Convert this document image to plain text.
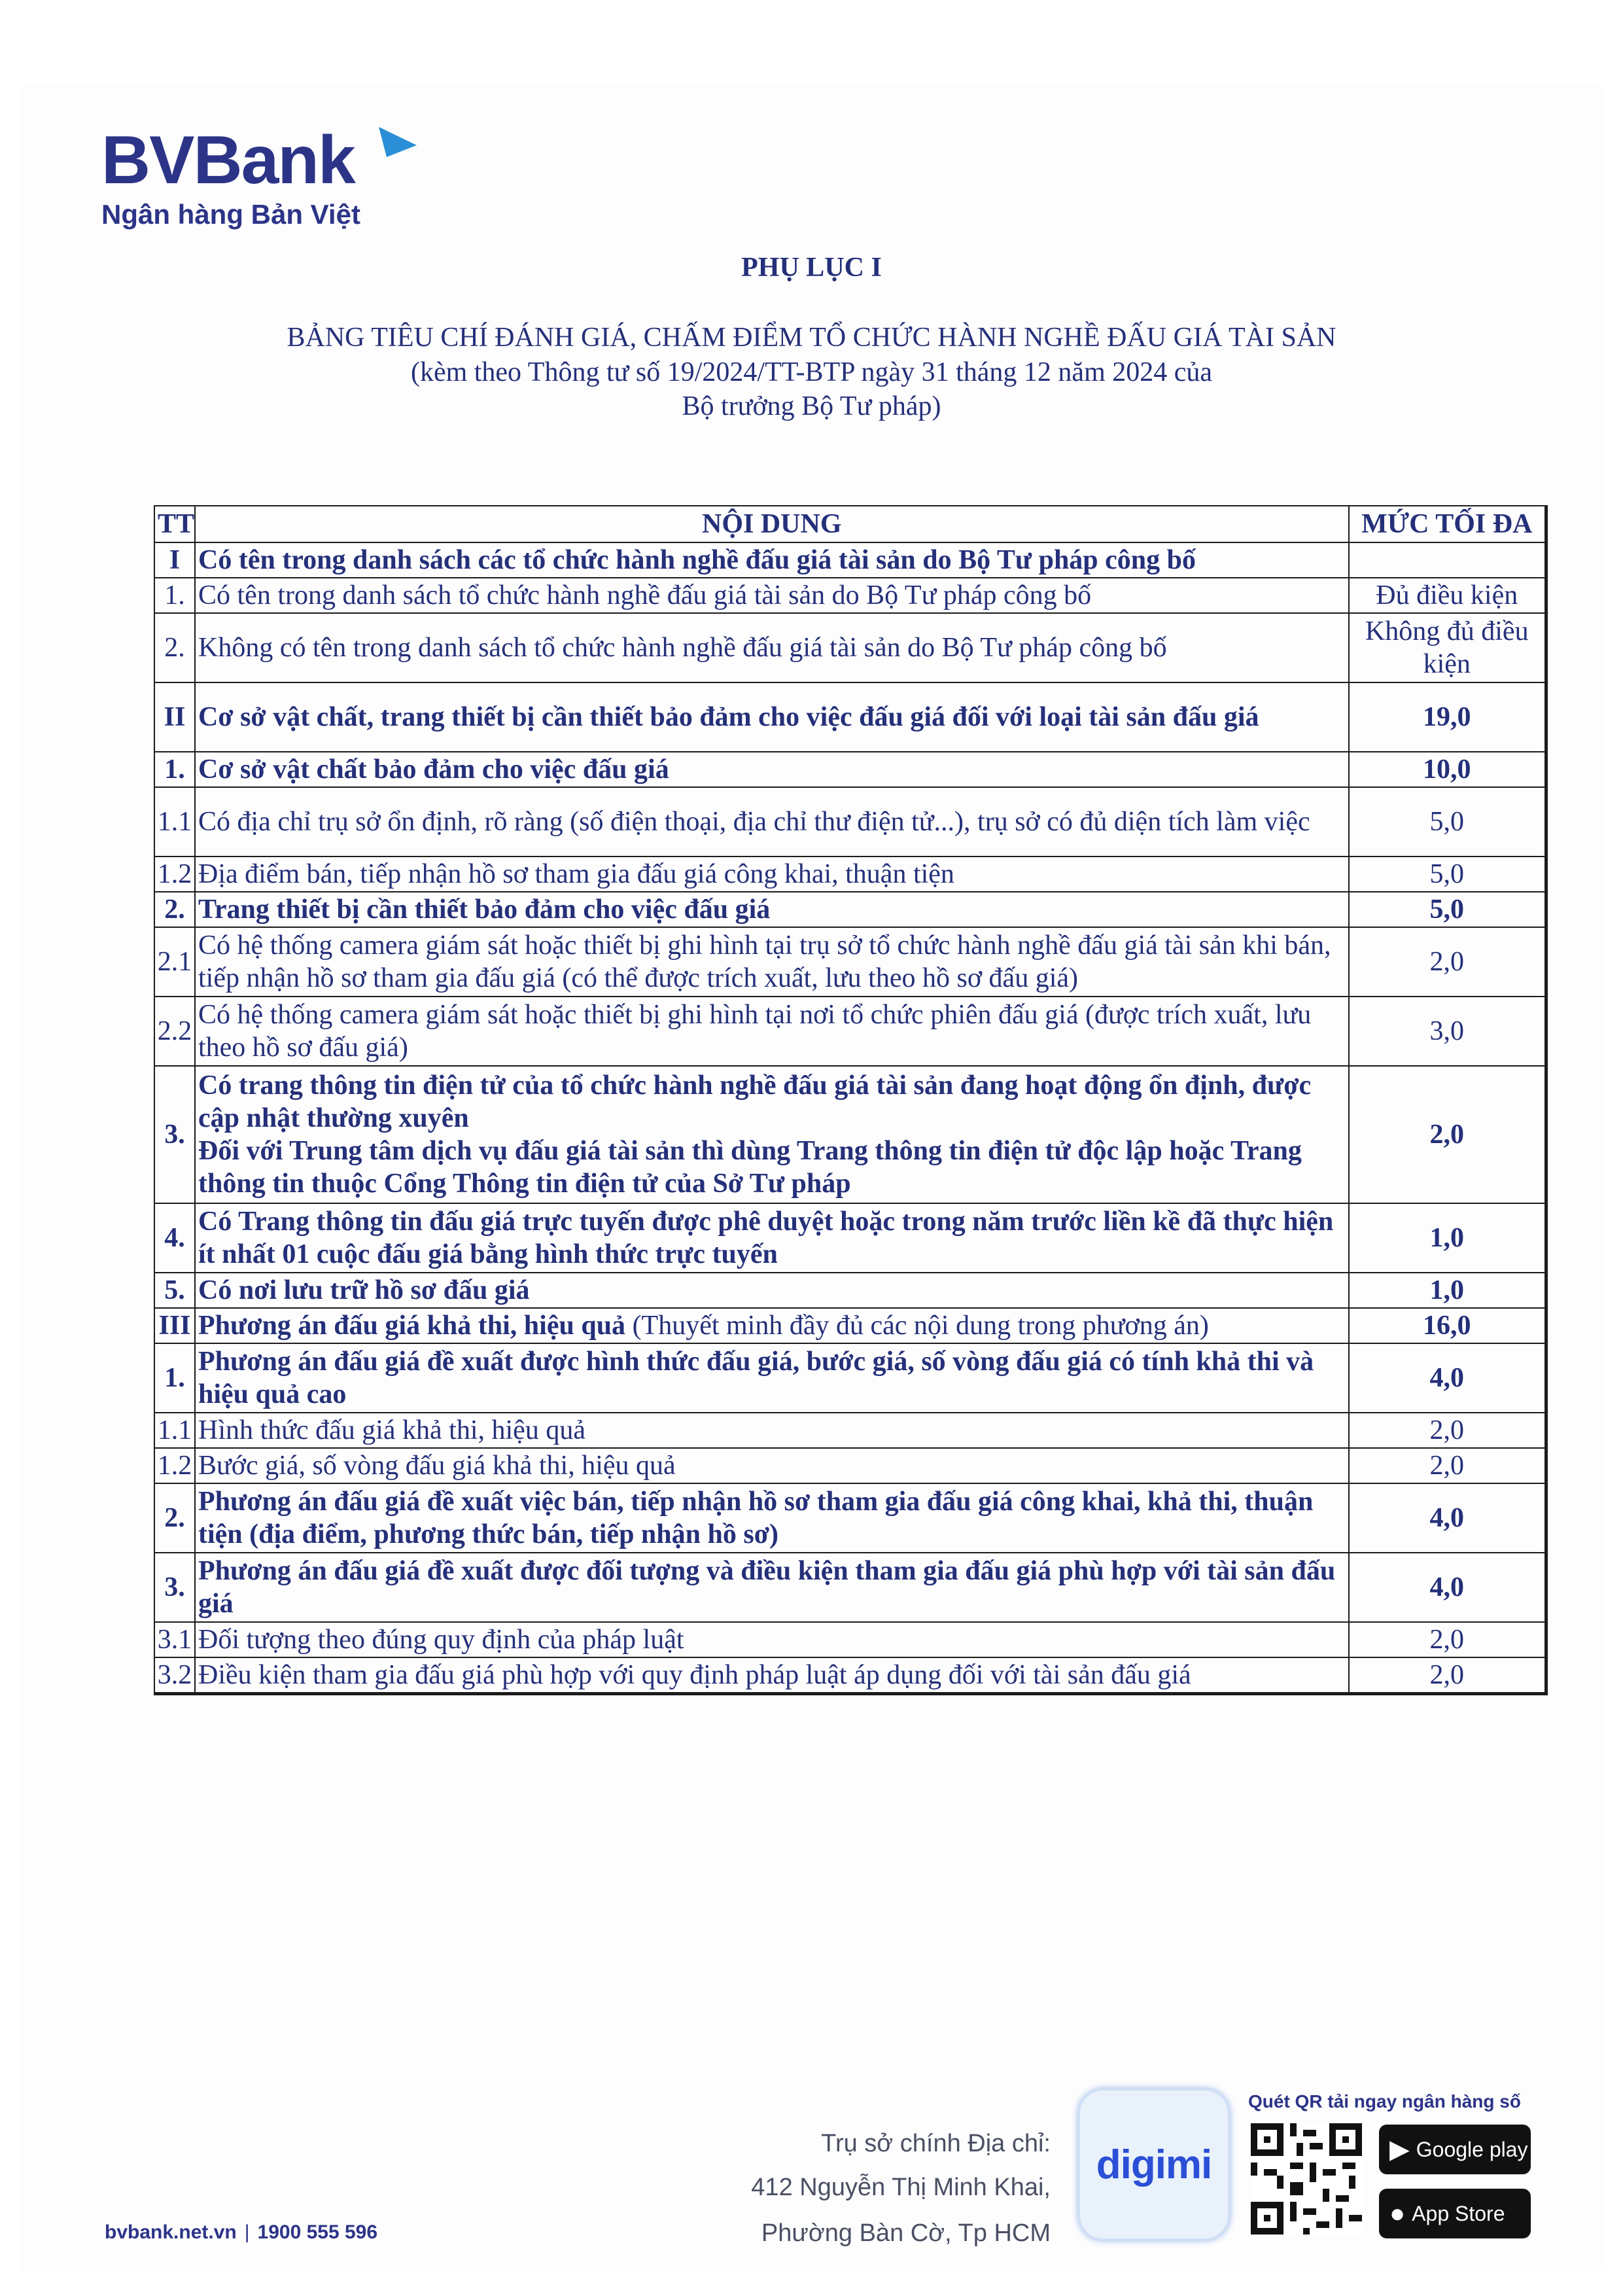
BVBank
Ngân hàng Bản Việt
PHỤ LỤC I
BẢNG TIÊU CHÍ ĐÁNH GIÁ, CHẤM ĐIỂM TỔ CHỨC HÀNH NGHỀ ĐẤU GIÁ TÀI SẢN
(kèm theo Thông tư số 19/2024/TT-BTP ngày 31 tháng 12 năm 2024 của
Bộ trưởng Bộ Tư pháp)
TT	NỘI DUNG	MỨC TỐI ĐA
I	Có tên trong danh sách các tổ chức hành nghề đấu giá tài sản do Bộ Tư pháp công bố	
1.	Có tên trong danh sách tổ chức hành nghề đấu giá tài sản do Bộ Tư pháp công bố	Đủ điều kiện
2.	Không có tên trong danh sách tổ chức hành nghề đấu giá tài sản do Bộ Tư pháp công bố	Không đủ điều kiện
II	Cơ sở vật chất, trang thiết bị cần thiết bảo đảm cho việc đấu giá đối với loại tài sản đấu giá	19,0
1.	Cơ sở vật chất bảo đảm cho việc đấu giá	10,0
1.1	Có địa chỉ trụ sở ổn định, rõ ràng (số điện thoại, địa chỉ thư điện tử...), trụ sở có đủ diện tích làm việc	5,0
1.2	Địa điểm bán, tiếp nhận hồ sơ tham gia đấu giá công khai, thuận tiện	5,0
2.	Trang thiết bị cần thiết bảo đảm cho việc đấu giá	5,0
2.1	Có hệ thống camera giám sát hoặc thiết bị ghi hình tại trụ sở tổ chức hành nghề đấu giá tài sản khi bán, tiếp nhận hồ sơ tham gia đấu giá (có thể được trích xuất, lưu theo hồ sơ đấu giá)	2,0
2.2	Có hệ thống camera giám sát hoặc thiết bị ghi hình tại nơi tổ chức phiên đấu giá (được trích xuất, lưu theo hồ sơ đấu giá)	3,0
3.	Có trang thông tin điện tử của tổ chức hành nghề đấu giá tài sản đang hoạt động ổn định, được cập nhật thường xuyên
Đối với Trung tâm dịch vụ đấu giá tài sản thì dùng Trang thông tin điện tử độc lập hoặc Trang thông tin thuộc Cổng Thông tin điện tử của Sở Tư pháp	2,0
4.	Có Trang thông tin đấu giá trực tuyến được phê duyệt hoặc trong năm trước liền kề đã thực hiện ít nhất 01 cuộc đấu giá bằng hình thức trực tuyến	1,0
5.	Có nơi lưu trữ hồ sơ đấu giá	1,0
III	Phương án đấu giá khả thi, hiệu quả (Thuyết minh đầy đủ các nội dung trong phương án)	16,0
1.	Phương án đấu giá đề xuất được hình thức đấu giá, bước giá, số vòng đấu giá có tính khả thi và hiệu quả cao	4,0
1.1	Hình thức đấu giá khả thi, hiệu quả	2,0
1.2	Bước giá, số vòng đấu giá khả thi, hiệu quả	2,0
2.	Phương án đấu giá đề xuất việc bán, tiếp nhận hồ sơ tham gia đấu giá công khai, khả thi, thuận tiện (địa điểm, phương thức bán, tiếp nhận hồ sơ)	4,0
3.	Phương án đấu giá đề xuất được đối tượng và điều kiện tham gia đấu giá phù hợp với tài sản đấu giá	4,0
3.1	Đối tượng theo đúng quy định của pháp luật	2,0
3.2	Điều kiện tham gia đấu giá phù hợp với quy định pháp luật áp dụng đối với tài sản đấu giá	2,0
bvbank.net.vn | 1900 555 596
Trụ sở chính Địa chỉ:
412 Nguyễn Thị Minh Khai,
Phường Bàn Cờ, Tp HCM
digimi
Quét QR tải ngay ngân hàng số
▶ Google play
● App Store
